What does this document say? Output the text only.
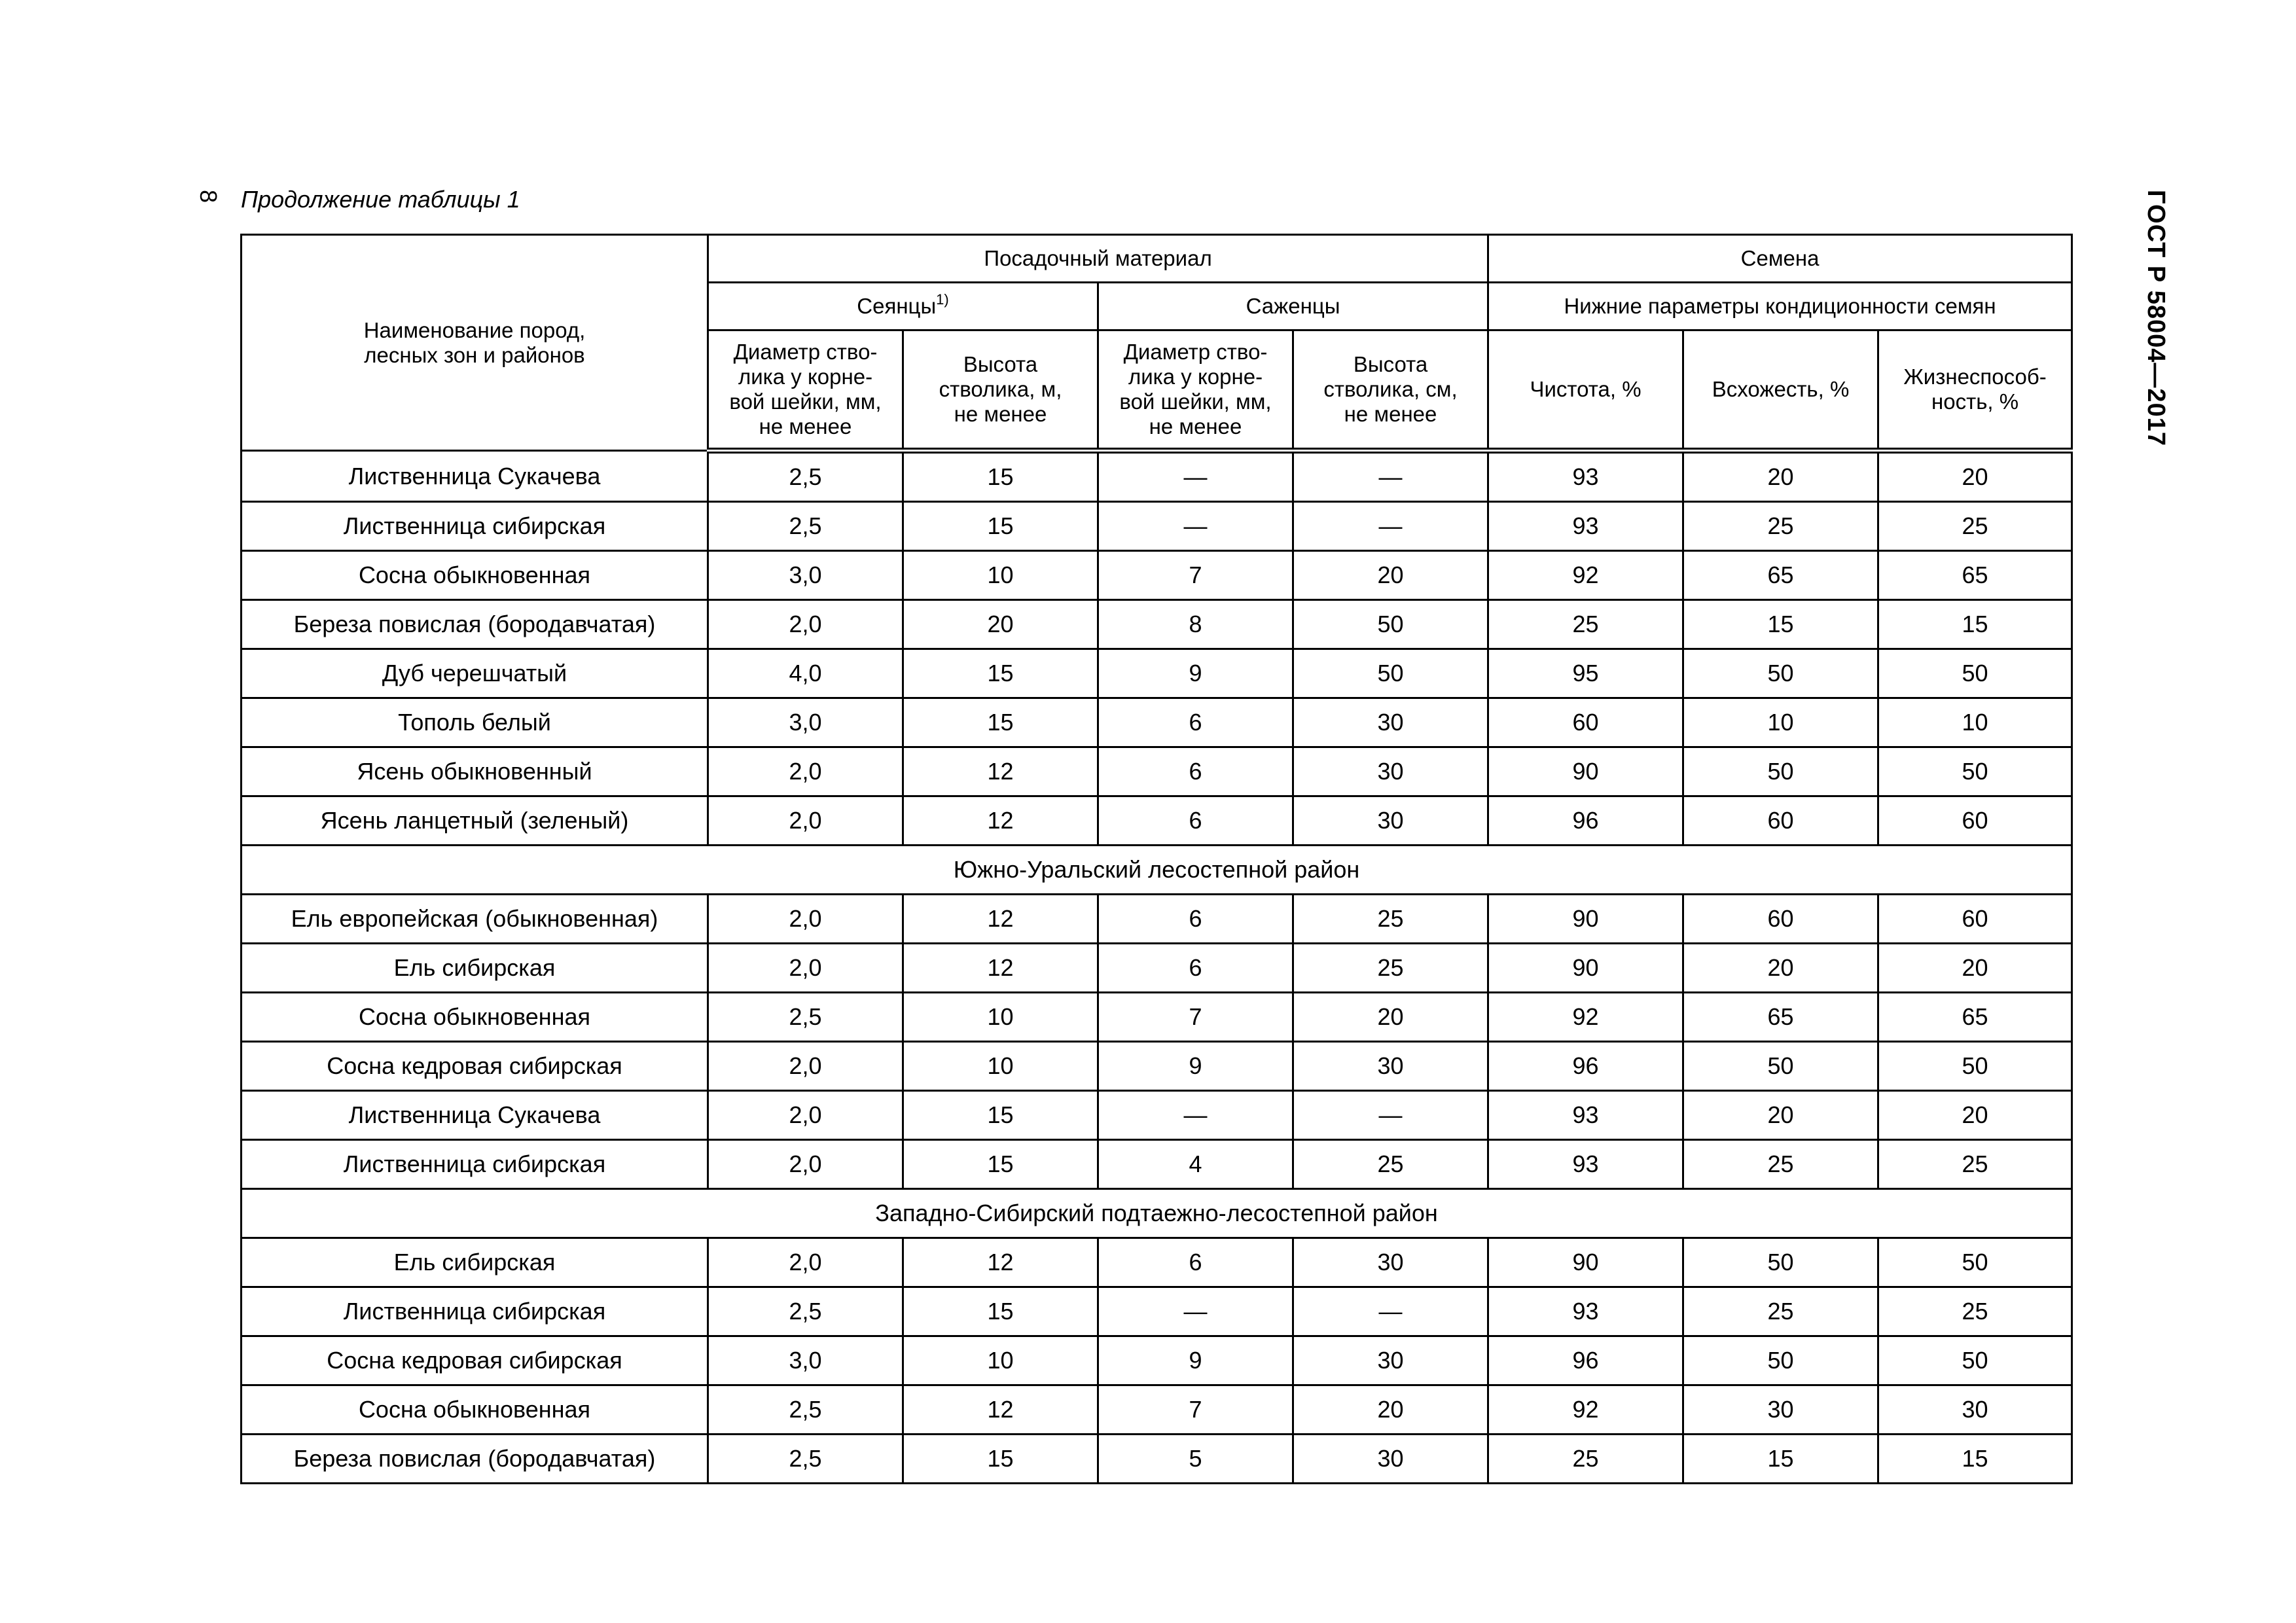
8 Продолжение таблицы 1	ГОСТ Р 58004—2017
Наименование пород, лесных зон и районов	Посадочный материал				Семена		
	Сеянцы$^{1)}$		Саженцы		Нижние параметры кондиционности семян		
	Диаметр ство-лика у корне-вой шейки, мм, не менее	Высота стволика, м, не менее	Диаметр ство-лика у корне-вой шейки, мм, не менее	Высота стволика, см, не менее	Чистота, %	Всхожесть, %	Жизнеспособ-ность, %
Лиственница Сукачева	2,5	15	—	—	93	20	20
Лиственница сибирская	2,5	15	—	—	93	25	25
Сосна обыкновенная	3,0	10	7	20	92	65	65
Береза повислая (бородавчатая)	2,0	20	8	50	25	15	15
Дуб черешчатый	4,0	15	9	50	95	50	50
Тополь белый	3,0	15	6	30	60	10	10
Ясень обыкновенный	2,0	12	6	30	90	50	50
Ясень ланцетный (зеленый)	2,0	12	6	30	96	60	60
Южно-Уральский лесостепной район							
Ель европейская (обыкновенная)	2,0	12	6	25	90	60	60
Ель сибирская	2,0	12	6	25	90	20	20
Сосна обыкновенная	2,5	10	7	20	92	65	65
Сосна кедровая сибирская	2,0	10	9	30	96	50	50
Лиственница Сукачева	2,0	15	—	—	93	20	20
Лиственница сибирская	2,0	15	4	25	93	25	25
Западно-Сибирский подтаежно-лесостепной район							
Ель сибирская	2,0	12	6	30	90	50	50
Лиственница сибирская	2,5	15	—	—	93	25	25
Сосна кедровая сибирская	3,0	10	9	30	96	50	50
Сосна обыкновенная	2,5	12	7	20	92	30	30
Береза повислая (бородавчатая)	2,5	15	5	30	25	15	15
